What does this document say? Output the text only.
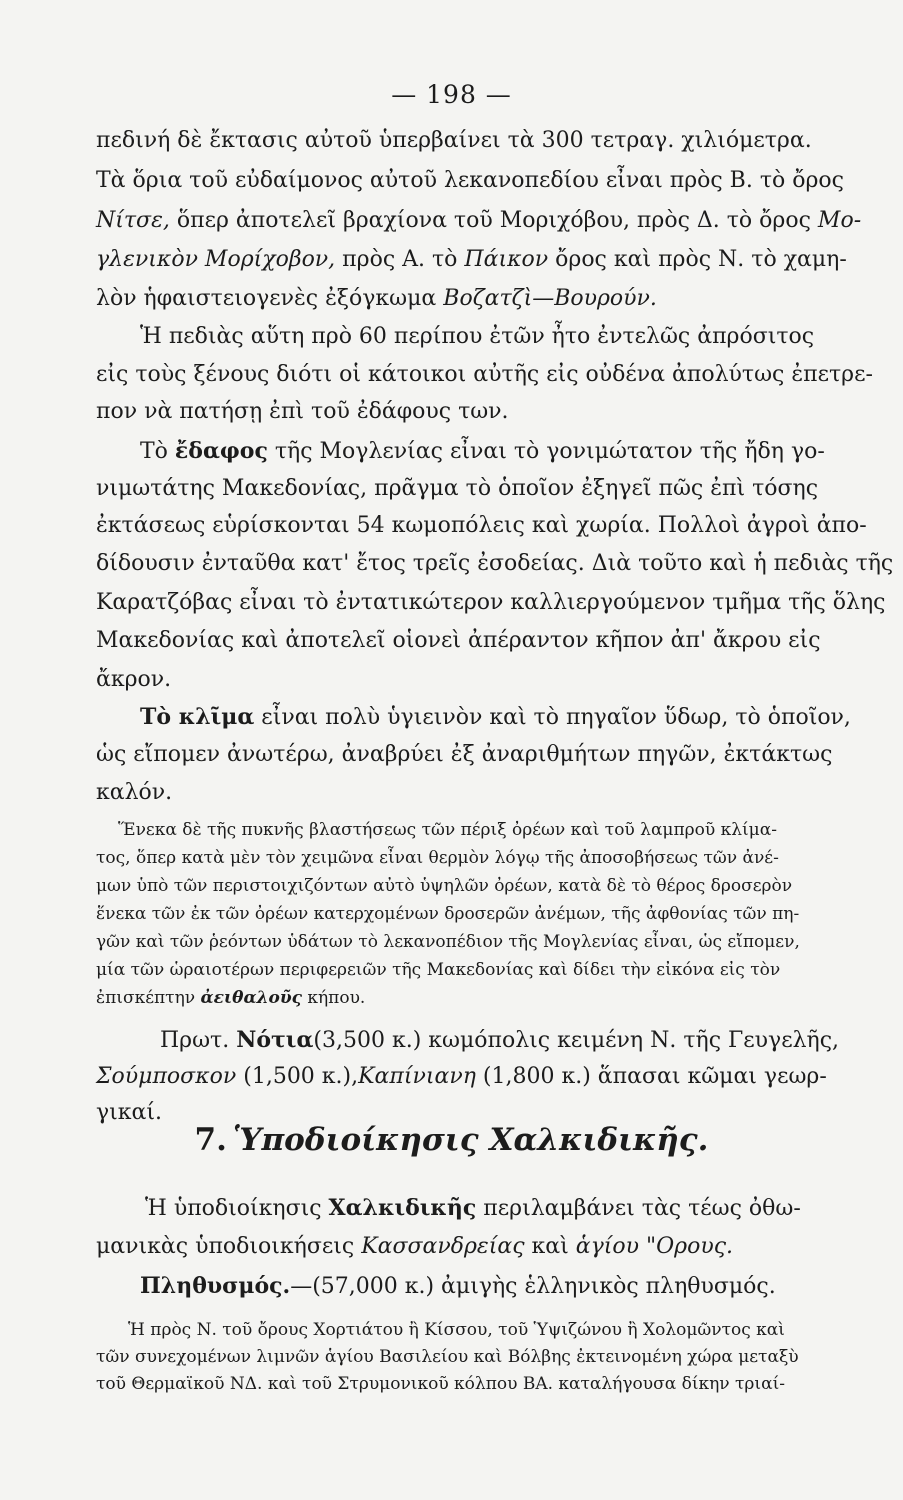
— 198 —
πεδινή δὲ ἔκτασις αὐτοῦ ὑπερβαίνει τὰ 300 τετραγ. χιλιόμετρα.
Τὰ ὅρια τοῦ εὐδαίμονος αὐτοῦ λεκανοπεδίου εἶναι πρὸς Β. τὸ ὄρος
Νίτσε, ὅπερ ἀποτελεῖ βραχίονα τοῦ Μοριχόβου, πρὸς Δ. τὸ ὄρος Μο-
γλενικὸν Μορίχοβον, πρὸς Α. τὸ Πάικον ὄρος καὶ πρὸς Ν. τὸ χαμη-
λὸν ἡφαιστειογενὲς ἐξόγκωμα Βοζατζὶ—Βουρούν.
Ἡ πεδιὰς αὕτη πρὸ 60 περίπου ἐτῶν ἦτο ἐντελῶς ἀπρόσιτος
εἰς τοὺς ξένους διότι οἱ κάτοικοι αὐτῆς εἰς οὐδένα ἀπολύτως ἐπετρε-
πον νὰ πατήσῃ ἐπὶ τοῦ ἐδάφους των.
Τὸ ἔδαφος τῆς Μογλενίας εἶναι τὸ γονιμώτατον τῆς ἤδη γο-
νιμωτάτης Μακεδονίας, πρᾶγμα τὸ ὁποῖον ἐξηγεῖ πῶς ἐπὶ τόσης
ἐκτάσεως εὑρίσκονται 54 κωμοπόλεις καὶ χωρία. Πολλοὶ ἀγροὶ ἀπο-
δίδουσιν ἐνταῦθα κατ' ἔτος τρεῖς ἐσοδείας. Διὰ τοῦτο καὶ ἡ πεδιὰς τῆς
Καρατζόβας εἶναι τὸ ἐντατικώτερον καλλιεργούμενον τμῆμα τῆς ὅλης
Μακεδονίας καὶ ἀποτελεῖ οἱονεὶ ἀπέραντον κῆπον ἀπ' ἄκρου εἰς
ἄκρον.
Τὸ κλῖμα εἶναι πολὺ ὑγιεινὸν καὶ τὸ πηγαῖον ὕδωρ, τὸ ὁποῖον,
ὡς εἴπομεν ἀνωτέρω, ἀναβρύει ἐξ ἀναριθμήτων πηγῶν, ἐκτάκτως
καλόν.
Ἕνεκα δὲ τῆς πυκνῆς βλαστήσεως τῶν πέριξ ὀρέων καὶ τοῦ λαμπροῦ κλίμα-
τος, ὅπερ κατὰ μὲν τὸν χειμῶνα εἶναι θερμὸν λόγῳ τῆς ἀποσοβήσεως τῶν ἀνέ-
μων ὑπὸ τῶν περιστοιχιζόντων αὐτὸ ὑψηλῶν ὀρέων, κατὰ δὲ τὸ θέρος δροσερὸν
ἕνεκα τῶν ἐκ τῶν ὀρέων κατερχομένων δροσερῶν ἀνέμων, τῆς ἀφθονίας τῶν πη-
γῶν καὶ τῶν ῥεόντων ὑδάτων τὸ λεκανοπέδιον τῆς Μογλενίας εἶναι, ὡς εἴπομεν,
μία τῶν ὡραιοτέρων περιφερειῶν τῆς Μακεδονίας καὶ δίδει τὴν εἰκόνα εἰς τὸν
ἐπισκέπτην ἀειθαλοῦς κήπου.
Πρωτ. Νότια(3,500 κ.) κωμόπολις κειμένη Ν. τῆς Γευγελῆς,
Σούμποσκον (1,500 κ.),Καπίνιανη (1,800 κ.) ἅπασαι κῶμαι γεωρ-
γικαί.
7. Ὑποδιοίκησις Χαλκιδικῆς.
Ἡ ὑποδιοίκησις Χαλκιδικῆς περιλαμβάνει τὰς τέως ὀθω-
μανικὰς ὑποδιοικήσεις Κασσανδρείας καὶ ἁγίου "Ορους.
Πληθυσμός.—(57,000 κ.) ἀμιγὴς ἑλληνικὸς πληθυσμός.
Ἡ πρὸς Ν. τοῦ ὄρους Χορτιάτου ἢ Κίσσου, τοῦ Ὑψιζώνου ἢ Χολομῶντος καὶ
τῶν συνεχομένων λιμνῶν ἁγίου Βασιλείου καὶ Βόλβης ἐκτεινομένη χώρα μεταξὺ
τοῦ Θερμαϊκοῦ ΝΔ. καὶ τοῦ Στρυμονικοῦ κόλπου ΒΑ. καταλήγουσα δίκην τριαί-
